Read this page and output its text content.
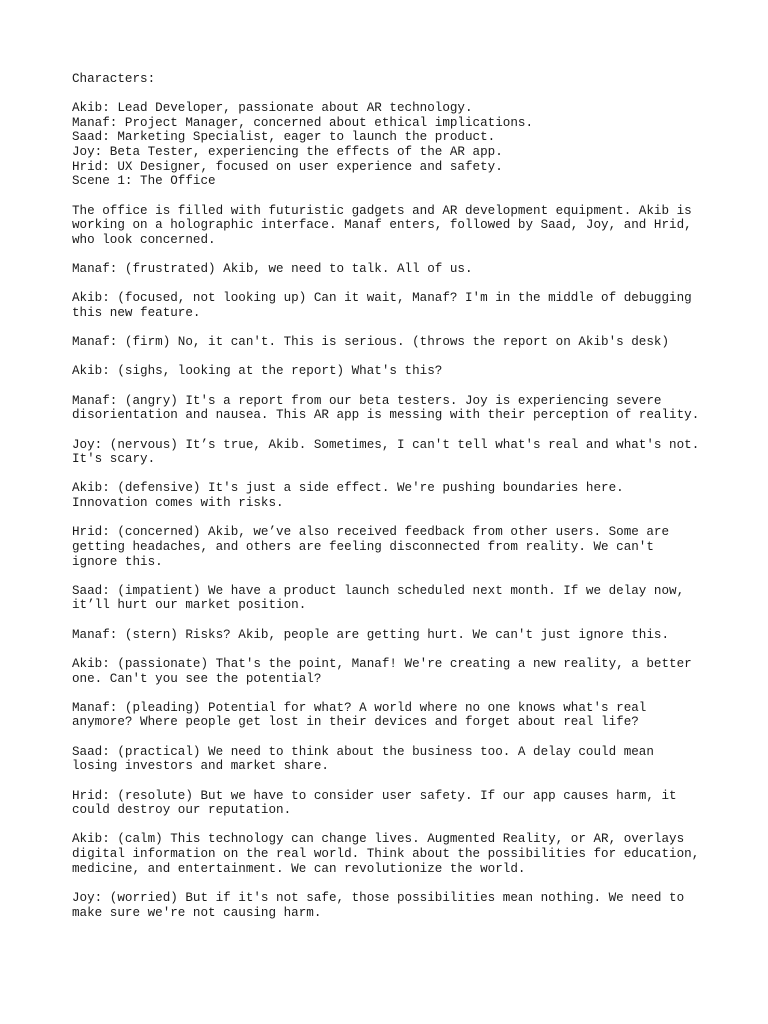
Characters:
Akib: Lead Developer, passionate about AR technology.
Manaf: Project Manager, concerned about ethical implications.
Saad: Marketing Specialist, eager to launch the product.
Joy: Beta Tester, experiencing the effects of the AR app.
Hrid: UX Designer, focused on user experience and safety.
Scene 1: The Office
The office is filled with futuristic gadgets and AR development equipment. Akib is
working on a holographic interface. Manaf enters, followed by Saad, Joy, and Hrid,
who look concerned.
Manaf: (frustrated) Akib, we need to talk. All of us.
Akib: (focused, not looking up) Can it wait, Manaf? I'm in the middle of debugging
this new feature.
Manaf: (firm) No, it can't. This is serious. (throws the report on Akib's desk)
Akib: (sighs, looking at the report) What's this?
Manaf: (angry) It's a report from our beta testers. Joy is experiencing severe
disorientation and nausea. This AR app is messing with their perception of reality.
Joy: (nervous) It’s true, Akib. Sometimes, I can't tell what's real and what's not.
It's scary.
Akib: (defensive) It's just a side effect. We're pushing boundaries here.
Innovation comes with risks.
Hrid: (concerned) Akib, we’ve also received feedback from other users. Some are
getting headaches, and others are feeling disconnected from reality. We can't
ignore this.
Saad: (impatient) We have a product launch scheduled next month. If we delay now,
it’ll hurt our market position.
Manaf: (stern) Risks? Akib, people are getting hurt. We can't just ignore this.
Akib: (passionate) That's the point, Manaf! We're creating a new reality, a better
one. Can't you see the potential?
Manaf: (pleading) Potential for what? A world where no one knows what's real
anymore? Where people get lost in their devices and forget about real life?
Saad: (practical) We need to think about the business too. A delay could mean
losing investors and market share.
Hrid: (resolute) But we have to consider user safety. If our app causes harm, it
could destroy our reputation.
Akib: (calm) This technology can change lives. Augmented Reality, or AR, overlays
digital information on the real world. Think about the possibilities for education,
medicine, and entertainment. We can revolutionize the world.
Joy: (worried) But if it's not safe, those possibilities mean nothing. We need to
make sure we're not causing harm.
